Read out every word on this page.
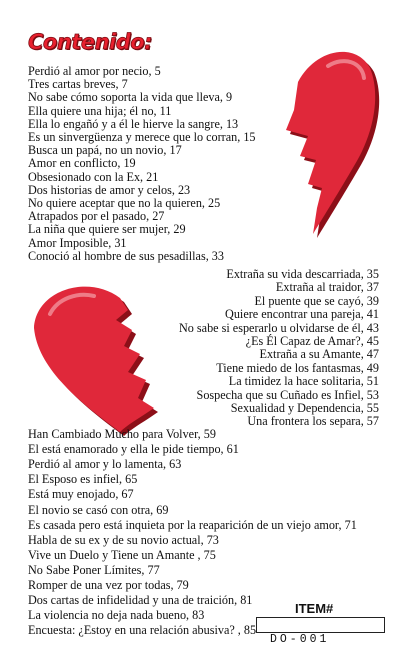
Contenido:
Perdió al amor por necio, 5
Tres cartas breves, 7
No sabe cómo soporta la vida que lleva, 9
Ella quiere una hija; él no, 11
Ella lo engañó y a él le hierve la sangre, 13
Es un sinvergüenza y merece que lo corran, 15
Busca un papá, no un novio, 17
Amor en conflicto, 19
Obsesionado con la Ex, 21
Dos historias de amor y celos, 23
No quiere aceptar que no la quieren, 25
Atrapados por el pasado, 27
La niña que quiere ser mujer, 29
Amor Imposible, 31
Conoció al hombre de sus pesadillas, 33
Extraña su vida descarriada, 35
Extraña al traidor, 37
El puente que se cayó, 39
Quiere encontrar una pareja, 41
No sabe si esperarlo u olvidarse de él, 43
¿Es Él Capaz de Amar?, 45
Extraña a su Amante, 47
Tiene miedo de los fantasmas, 49
La timidez la hace solitaria, 51
Sospecha que su Cuñado es Infiel, 53
Sexualidad y Dependencia, 55
Una frontera los separa, 57
Han Cambiado Mucho para Volver, 59
El está enamorado y ella le pide tiempo, 61
Perdió al amor y lo lamenta, 63
El Esposo es infiel, 65
Está muy enojado, 67
El novio se casó con otra, 69
Es casada pero está inquieta por la reaparición de un viejo amor, 71
Habla de su ex y de su novio actual, 73
Vive un Duelo y Tiene un Amante , 75
No Sabe Poner Límites, 77
Romper de una vez por todas, 79
Dos cartas de infidelidad y una de traición, 81
La violencia no deja nada bueno, 83
Encuesta: ¿Estoy en una relación abusiva? , 85
ITEM#
DO-001
